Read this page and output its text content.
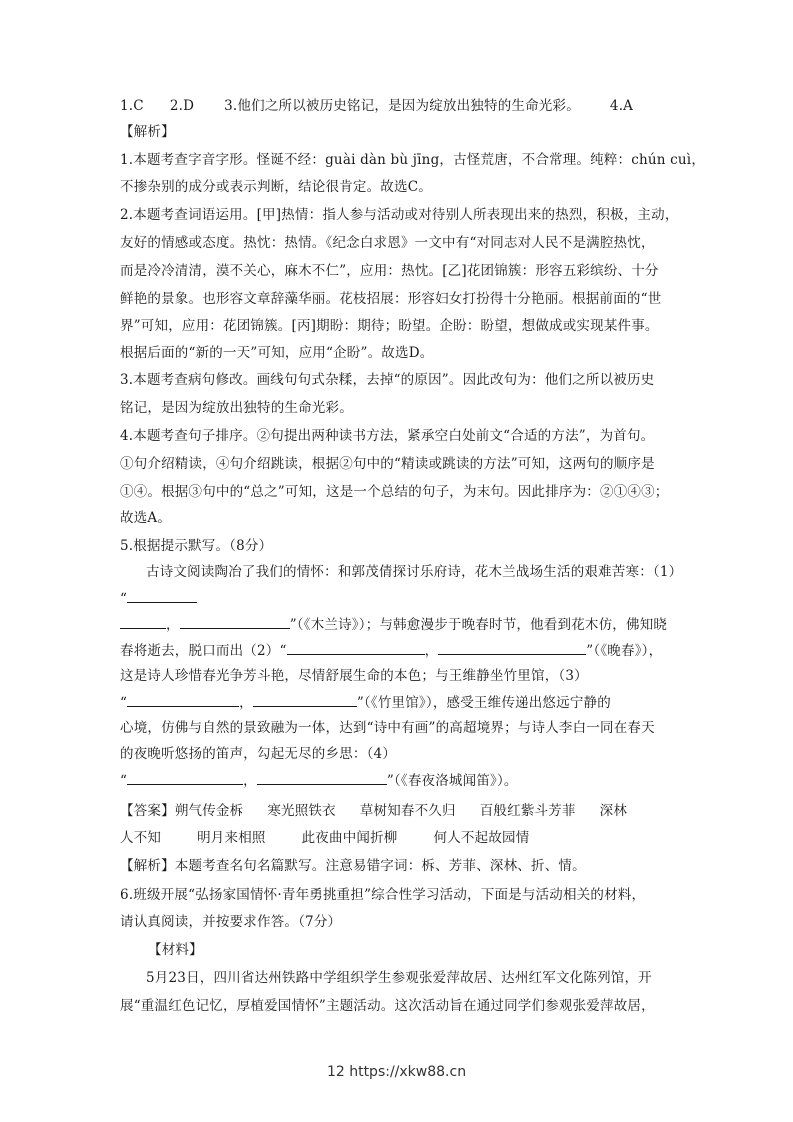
1.C 2.D 3.他们之所以被历史铭记，是因为绽放出独特的生命光彩。 4.A
【解析】
1.本题考查字音字形。怪诞不经：guài dàn bù jīng，古怪荒唐，不合常理。纯粹：chún cuì，
不掺杂别的成分或表示判断，结论很肯定。故选C。
2.本题考查词语运用。[甲]热情：指人参与活动或对待别人所表现出来的热烈，积极，主动，
友好的情感或态度。热忱：热情。《纪念白求恩》一文中有“对同志对人民不是满腔热忱，
而是冷冷清清，漠不关心，麻木不仁”，应用：热忱。[乙]花团锦簇：形容五彩缤纷、十分
鲜艳的景象。也形容文章辞藻华丽。花枝招展：形容妇女打扮得十分艳丽。根据前面的“世
界”可知，应用：花团锦簇。[丙]期盼：期待；盼望。企盼：盼望，想做成或实现某件事。
根据后面的“新的一天”可知，应用“企盼”。故选D。
3.本题考查病句修改。画线句句式杂糅，去掉“的原因”。因此改句为：他们之所以被历史
铭记，是因为绽放出独特的生命光彩。
4.本题考查句子排序。②句提出两种读书方法，紧承空白处前文“合适的方法”，为首句。
①句介绍精读，④句介绍跳读，根据②句中的“精读或跳读的方法”可知，这两句的顺序是
①④。根据③句中的“总之”可知，这是一个总结的句子，为末句。因此排序为：②①④③；
故选A。
5.根据提示默写。（8分）
古诗文阅读陶冶了我们的情怀：和郭茂倩探讨乐府诗，花木兰战场生活的艰难苦寒：（1）
“
，	”（《木兰诗》）；与韩愈漫步于晚春时节，他看到花木仿，佛知晓
春将逝去，脱口而出（2）“	，	”（《晚春》），
这是诗人珍惜春光争芳斗艳，尽情舒展生命的本色；与王维静坐竹里馆，（3）
“	，	”（《竹里馆》），感受王维传递出悠远宁静的
心境，仿佛与自然的景致融为一体，达到“诗中有画”的高超境界；与诗人李白一同在春天
的夜晚听悠扬的笛声，勾起无尽的乡思：（4）
“	，	”（《春夜洛城闻笛》）。
【答案】朔气传金柝 寒光照铁衣 草树知春不久归 百般红紫斗芳菲 深林
人不知	明月来相照	此夜曲中闻折柳	何人不起故园情
【解析】本题考查名句名篇默写。注意易错字词：柝、芳菲、深林、折、情。
6.班级开展“弘扬家国情怀·青年勇挑重担”综合性学习活动，下面是与活动相关的材料，
请认真阅读，并按要求作答。（7分）
【材料】
5月23日，四川省达州铁路中学组织学生参观张爱萍故居、达州红军文化陈列馆，开
展“重温红色记忆，厚植爱国情怀”主题活动。这次活动旨在通过同学们参观张爱萍故居，
12 https://xkw88.cn
